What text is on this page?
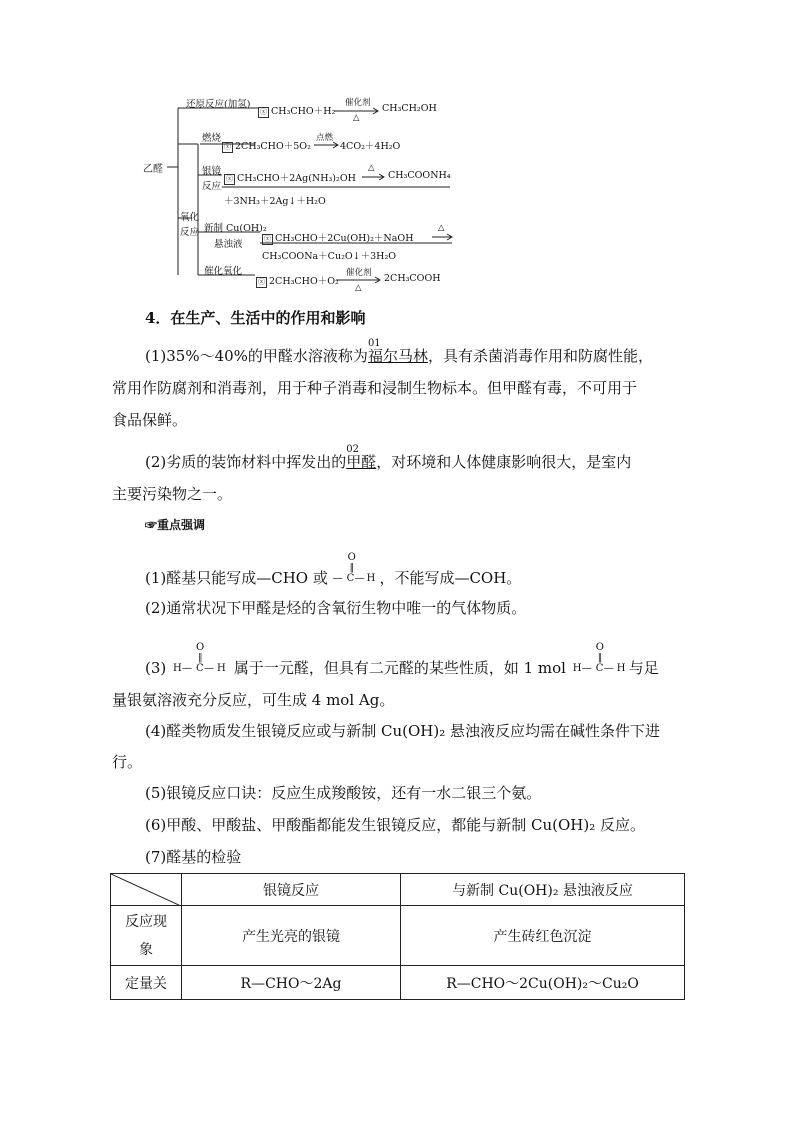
乙醛
还原反应(加氢)
ⓧ CH₃CHO＋H₂
催化剂
△
CH₃CH₂OH
燃烧
ⓧ 2CH₃CHO＋5O₂
点燃
4CO₂＋4H₂O
氧化
反应
银镜
反应
ⓧ CH₃CHO＋2Ag(NH₃)₂OH
△
CH₃COONH₄
＋3NH₃＋2Ag↓＋H₂O
新制 Cu(OH)₂
悬浊液	ⓧ CH₃CHO＋2Cu(OH)₂＋NaOH
△
CH₃COONa＋Cu₂O↓＋3H₂O
催化氧化
ⓧ 2CH₃CHO＋O₂
催化剂
△
2CH₃COOH
4．在生产、生活中的作用和影响
(1)35%～40%的甲醛水溶液称为
01
福尔马林，具有杀菌消毒作用和防腐性能，
常用作防腐剂和消毒剂，用于种子消毒和浸制生物标本。但甲醛有毒，不可用于
食品保鲜。
(2)劣质的装饰材料中挥发出的
02
甲醛，对环境和人体健康影响很大，是室内
主要污染物之一。
☞重点强调
(1)醛基只能写成—CHO 或
O
‖
— C — H ，不能写成—COH。
(2)通常状况下甲醛是烃的含氧衍生物中唯一的气体物质。
(3)
O
‖
H — C — H 属于一元醛，但具有二元醛的某些性质，如 1 mol
O
‖
H — C — H 与足
量银氨溶液充分反应，可生成 4 mol Ag。
(4)醛类物质发生银镜反应或与新制 Cu(OH)₂ 悬浊液反应均需在碱性条件下进
行。
(5)银镜反应口诀：反应生成羧酸铵，还有一水二银三个氨。
(6)甲酸、甲酸盐、甲酸酯都能发生银镜反应，都能与新制 Cu(OH)₂ 反应。
(7)醛基的检验
	银镜反应	与新制 Cu(OH)₂ 悬浊液反应
反应现
象	产生光亮的银镜	产生砖红色沉淀
定量关	R—CHO～2Ag	R—CHO～2Cu(OH)₂～Cu₂O
